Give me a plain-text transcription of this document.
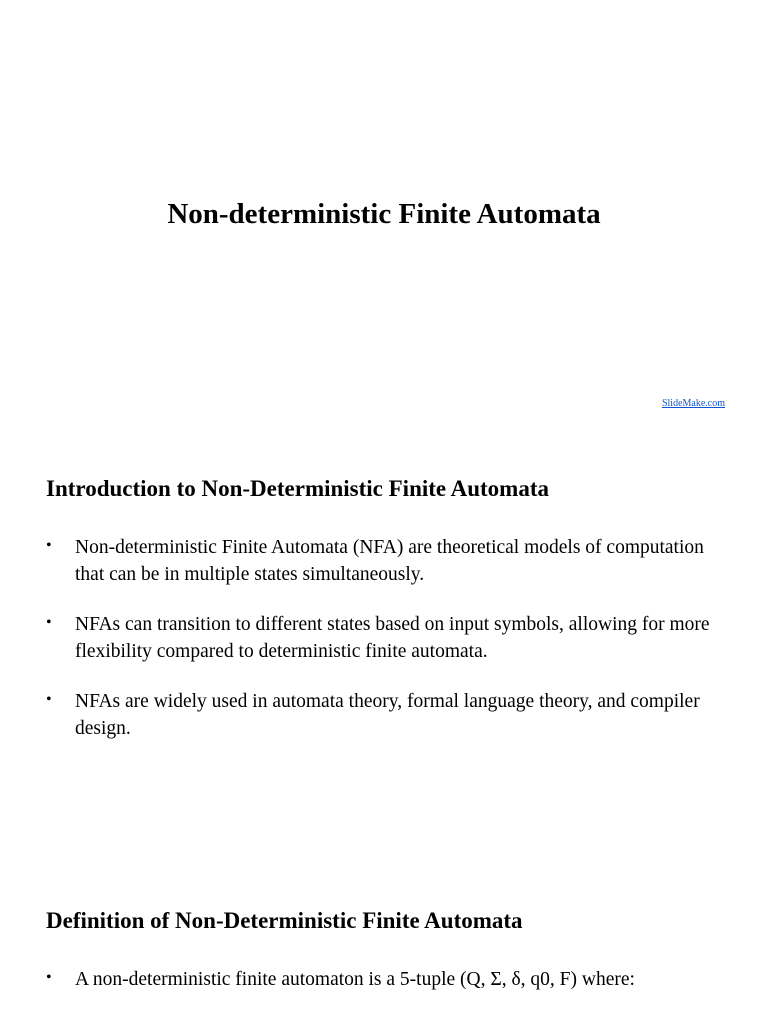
Non-deterministic Finite Automata
SlideMake.com
Introduction to Non-Deterministic Finite Automata
• Non-deterministic Finite Automata (NFA) are theoretical models of computation that can be in multiple states simultaneously.
• NFAs can transition to different states based on input symbols, allowing for more flexibility compared to deterministic finite automata.
• NFAs are widely used in automata theory, formal language theory, and compiler design.
Definition of Non-Deterministic Finite Automata
• A non-deterministic finite automaton is a 5-tuple (Q, Σ, δ, q0, F) where:
